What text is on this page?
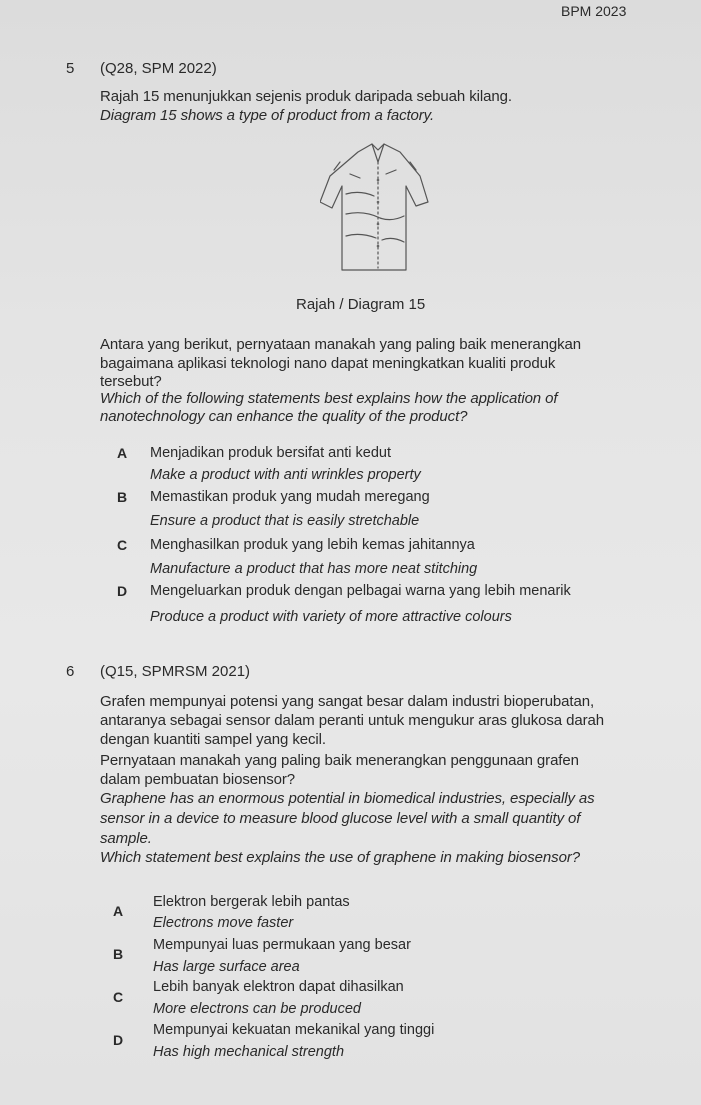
BPM 2023
5 (Q28, SPM 2022)
Rajah 15 menunjukkan sejenis produk daripada sebuah kilang.
Diagram 15 shows a type of product from a factory.
Rajah / Diagram 15
Antara yang berikut, pernyataan manakah yang paling baik menerangkan
bagaimana aplikasi teknologi nano dapat meningkatkan kualiti produk
tersebut?
Which of the following statements best explains how the application of
nanotechnology can enhance the quality of the product?
A Menjadikan produk bersifat anti kedut
Make a product with anti wrinkles property
B Memastikan produk yang mudah meregang
Ensure a product that is easily stretchable
C Menghasilkan produk yang lebih kemas jahitannya
Manufacture a product that has more neat stitching
D Mengeluarkan produk dengan pelbagai warna yang lebih menarik
Produce a product with variety of more attractive colours
6 (Q15, SPMRSM 2021)
Grafen mempunyai potensi yang sangat besar dalam industri bioperubatan,
antaranya sebagai sensor dalam peranti untuk mengukur aras glukosa darah
dengan kuantiti sampel yang kecil.
Pernyataan manakah yang paling baik menerangkan penggunaan grafen
dalam pembuatan biosensor?
Graphene has an enormous potential in biomedical industries, especially as
sensor in a device to measure blood glucose level with a small quantity of
sample.
Which statement best explains the use of graphene in making biosensor?
A
Elektron bergerak lebih pantas
Electrons move faster
B
Mempunyai luas permukaan yang besar
Has large surface area
C
Lebih banyak elektron dapat dihasilkan
More electrons can be produced
D
Mempunyai kekuatan mekanikal yang tinggi
Has high mechanical strength
